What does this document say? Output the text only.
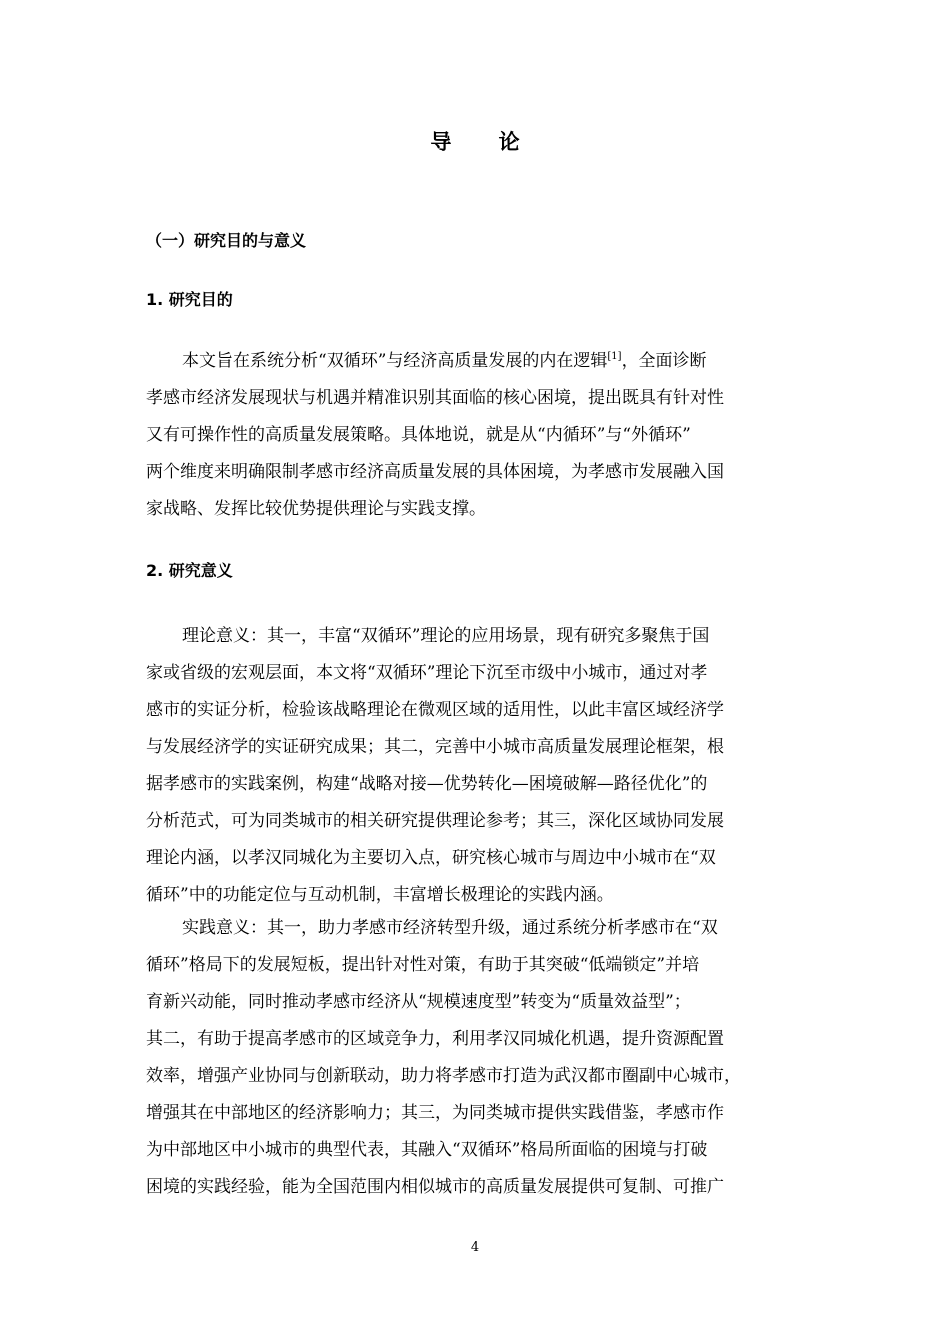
导 论
（一）研究目的与意义
1. 研究目的
本文旨在系统分析“双循环”与经济高质量发展的内在逻辑[1]，全面诊断
孝感市经济发展现状与机遇并精准识别其面临的核心困境，提出既具有针对性
又有可操作性的高质量发展策略。具体地说，就是从“内循环”与“外循环”
两个维度来明确限制孝感市经济高质量发展的具体困境，为孝感市发展融入国
家战略、发挥比较优势提供理论与实践支撑。
2. 研究意义
理论意义：其一，丰富“双循环”理论的应用场景，现有研究多聚焦于国
家或省级的宏观层面，本文将“双循环”理论下沉至市级中小城市，通过对孝
感市的实证分析，检验该战略理论在微观区域的适用性，以此丰富区域经济学
与发展经济学的实证研究成果；其二，完善中小城市高质量发展理论框架，根
据孝感市的实践案例，构建“战略对接—优势转化—困境破解—路径优化”的
分析范式，可为同类城市的相关研究提供理论参考；其三，深化区域协同发展
理论内涵，以孝汉同城化为主要切入点，研究核心城市与周边中小城市在“双
循环”中的功能定位与互动机制，丰富增长极理论的实践内涵。
实践意义：其一，助力孝感市经济转型升级，通过系统分析孝感市在“双
循环”格局下的发展短板，提出针对性对策，有助于其突破“低端锁定”并培
育新兴动能，同时推动孝感市经济从“规模速度型”转变为“质量效益型”；
其二，有助于提高孝感市的区域竞争力，利用孝汉同城化机遇，提升资源配置
效率，增强产业协同与创新联动，助力将孝感市打造为武汉都市圈副中心城市，
增强其在中部地区的经济影响力；其三，为同类城市提供实践借鉴，孝感市作
为中部地区中小城市的典型代表，其融入“双循环”格局所面临的困境与打破
困境的实践经验，能为全国范围内相似城市的高质量发展提供可复制、可推广
4
